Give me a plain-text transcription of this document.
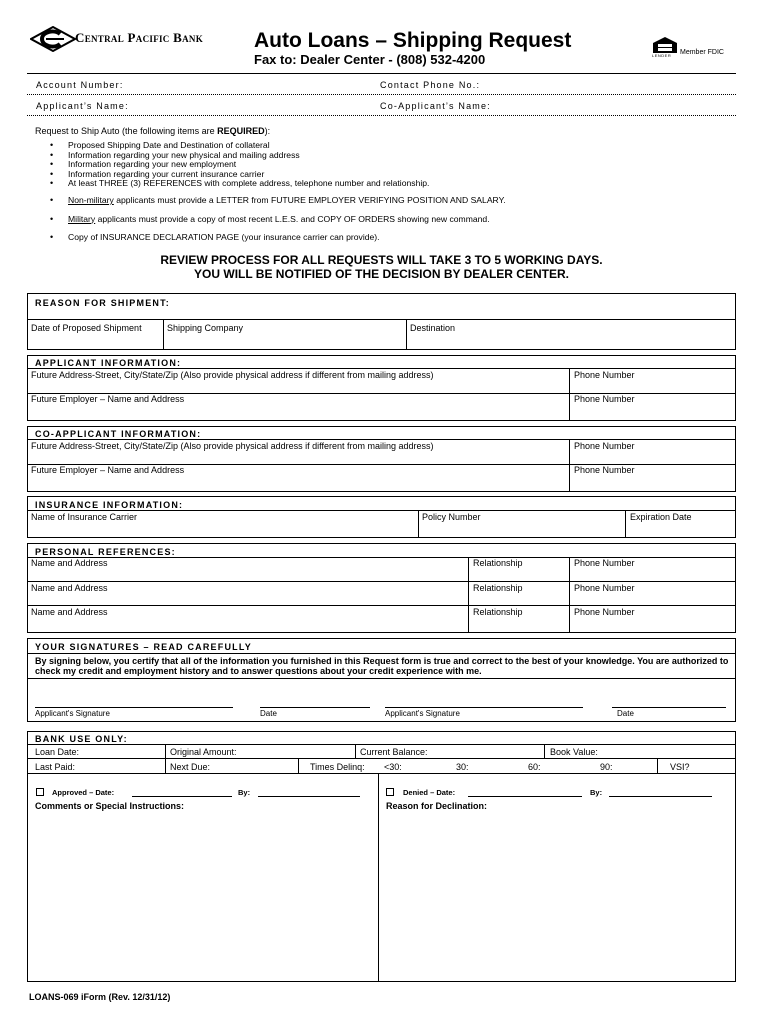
Central Pacific Bank Auto Loans – Shipping Request
Fax to: Dealer Center - (808) 532-4200	LENDER Member FDIC
Account Number:	Contact Phone No.:
Applicant’s Name:	Co-Applicant’s Name:
Request to Ship Auto (the following items are REQUIRED):
• Proposed Shipping Date and Destination of collateral
• Information regarding your new physical and mailing address
• Information regarding your new employment
• Information regarding your current insurance carrier
• At least THREE (3) REFERENCES with complete address, telephone number and relationship.
• Non-military applicants must provide a LETTER from FUTURE EMPLOYER VERIFYING POSITION AND SALARY.
• Military applicants must provide a copy of most recent L.E.S. and COPY OF ORDERS showing new command.
• Copy of INSURANCE DECLARATION PAGE (your insurance carrier can provide).
REVIEW PROCESS FOR ALL REQUESTS WILL TAKE 3 TO 5 WORKING DAYS.
YOU WILL BE NOTIFIED OF THE DECISION BY DEALER CENTER.
REASON FOR SHIPMENT:
Date of Proposed Shipment	Shipping Company	Destination
APPLICANT INFORMATION:
Future Address-Street, City/State/Zip (Also provide physical address if different from mailing address)	Phone Number
Future Employer – Name and Address	Phone Number
CO-APPLICANT INFORMATION:
Future Address-Street, City/State/Zip (Also provide physical address if different from mailing address)	Phone Number
Future Employer – Name and Address	Phone Number
INSURANCE INFORMATION:
Name of Insurance Carrier	Policy Number	Expiration Date
PERSONAL REFERENCES:
Name and Address	Relationship	Phone Number
Name and Address	Relationship	Phone Number
Name and Address	Relationship	Phone Number
YOUR SIGNATURES – READ CAREFULLY
By signing below, you certify that all of the information you furnished in this Request form is true and correct to the best of your knowledge. You are authorized to check my credit and employment history and to answer questions about your credit experience with me.
Applicant's Signature	Date	Applicant's Signature	Date
BANK USE ONLY:
Loan Date:	Original Amount:	Current Balance:	Book Value:
Last Paid:	Next Due:	Times Delinq: <30:	30:	60:	90:	VSI?
Approved – Date:	By:	Denied – Date:	By:
Comments or Special Instructions:	Reason for Declination:
LOANS-069 iForm (Rev. 12/31/12)
